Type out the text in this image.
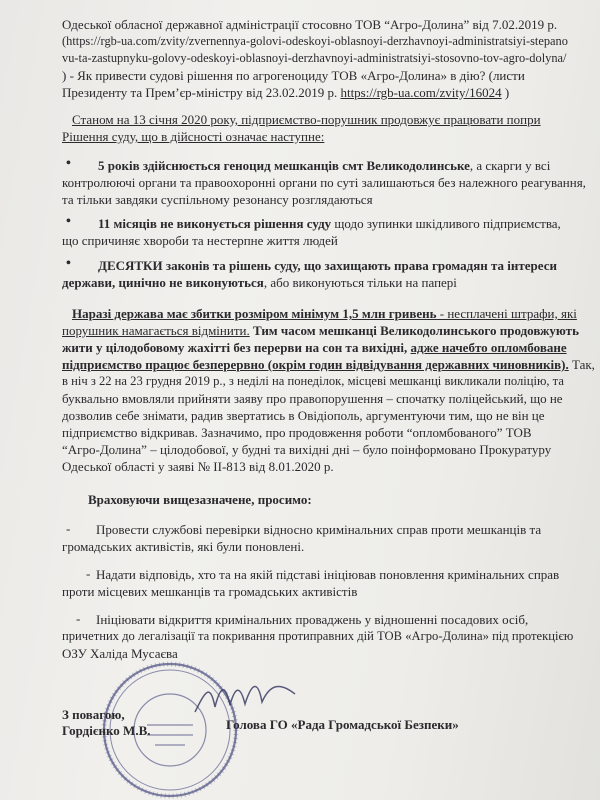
Одеської обласної державної адміністрації стосовно ТОВ “Агро-Долина” від 7.02.2019 р.
(https://rgb-ua.com/zvity/zvernennya-golovi-odeskoyi-oblasnoyi-derzhavnoyi-administratsiyi-stepano
vu-ta-zastupnyku-golovy-odeskoyi-oblasnoyi-derzhavnoyi-administratsiyi-stosovno-tov-agro-dolyna/
) - Як привести судові рішення по агрогеноциду ТОВ «Агро-Долина» в дію? (листи
Президенту та Прем’єр-міністру від 23.02.2019 р. https://rgb-ua.com/zvity/16024 )
Станом на 13 січня 2020 року, підприємство-порушник продовжує працювати попри
Рішення суду, що в дійсності означає наступне:
• 5 років здійснюється геноцид мешканців смт Великодолинське, а скарги у всі
контролюючі органи та правоохоронні органи по суті залишаються без належного реагування,
та тільки завдяки суспільному резонансу розглядаються
• 11 місяців не виконується рішення суду щодо зупинки шкідливого підприємства,
що спричиняє хвороби та нестерпне життя людей
• ДЕСЯТКИ законів та рішень суду, що захищають права громадян та інтереси
держави, цинічно не виконуються, або виконуються тільки на папері
Наразі держава має збитки розміром мінімум 1,5 млн гривень - несплачені штрафи, які
порушник намагається відмінити. Тим часом мешканці Великодолинського продовжують
жити у цілодобовому жахітті без перерви на сон та вихідні, адже начебто опломбоване
підприємство працює безперервно (окрім годин відвідування державних чиновників). Так,
в ніч з 22 на 23 грудня 2019 р., з неділі на понеділок, місцеві мешканці викликали поліцію, та
буквально вмовляли прийняти заяву про правопорушення – спочатку поліцейський, що не
дозволив себе знімати, радив звертатись в Овідіополь, аргументуючи тим, що не він це
підприємство відкривав. Зазначимо, про продовження роботи “опломбованого” ТОВ
“Агро-Долина” – цілодобової, у будні та вихідні дні – було поінформовано Прокуратуру
Одеської області у заяві № ІІ-813 від 8.01.2020 р.
Враховуючи вищезазначене, просимо:
- Провести службові перевірки відносно кримінальних справ проти мешканців та
громадських активістів, які були поновлені.
- Надати відповідь, хто та на якій підставі ініціював поновлення кримінальних справ
проти місцевих мешканців та громадських активістів
- Ініціювати відкриття кримінальних проваджень у відношенні посадових осіб,
причетних до легалізації та покривання протиправних дій ТОВ «Агро-Долина» під протекцією
ОЗУ Халіда Мусаєва
З повагою,
Гордієнко М.В.	Голова ГО «Рада Громадської Безпеки»
